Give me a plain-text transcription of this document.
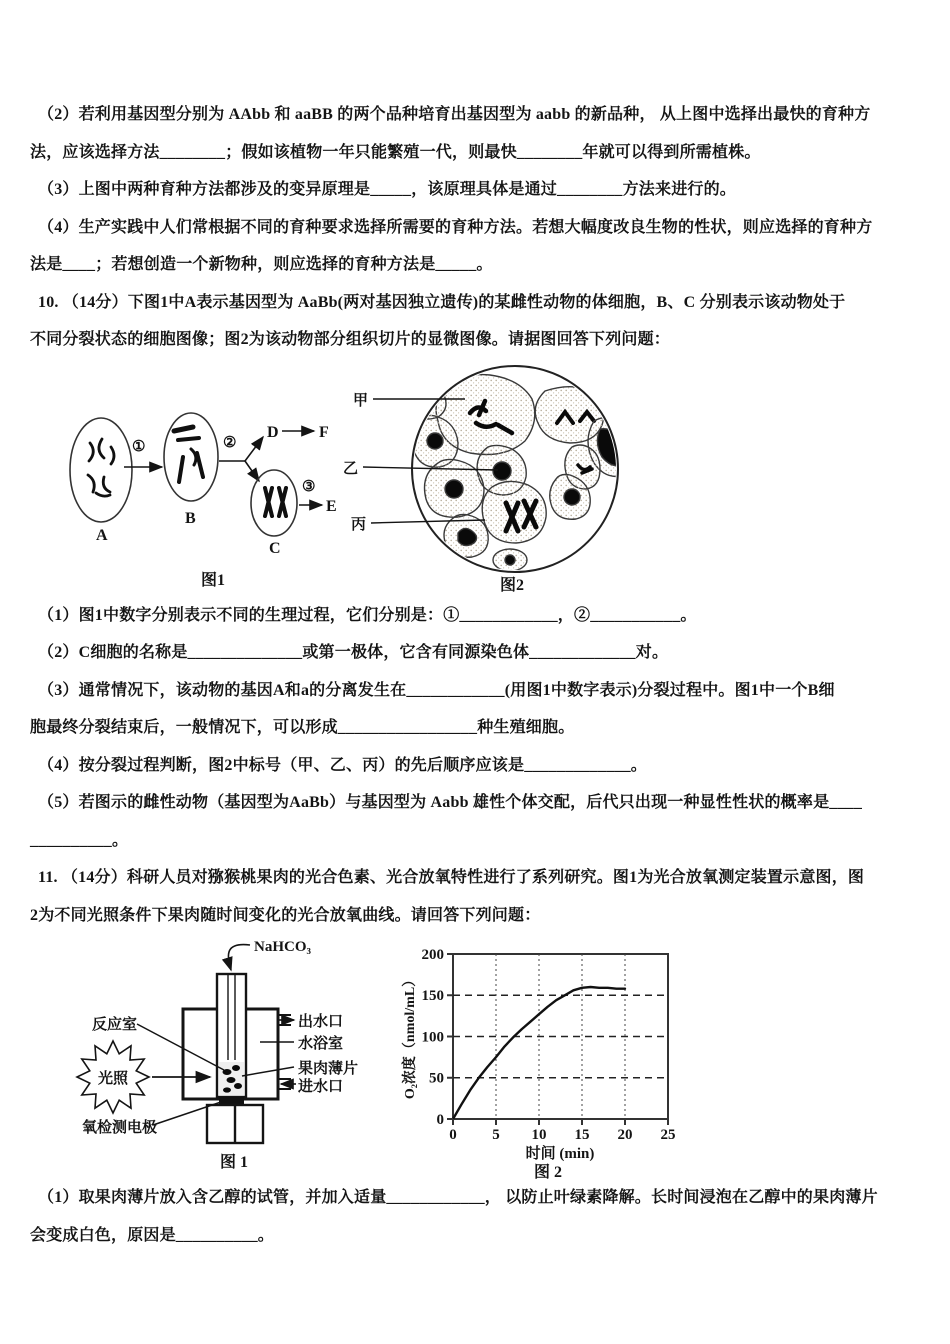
（2）若利用基因型分别为 AAbb 和 aaBB 的两个品种培育出基因型为 aabb 的新品种， 从上图中选择出最快的育种方
法，应该选择方法________；假如该植物一年只能繁殖一代，则最快________年就可以得到所需植株。
（3）上图中两种育种方法都涉及的变异原理是_____，该原理具体是通过________方法来进行的。
（4）生产实践中人们常根据不同的育种要求选择所需要的育种方法。若想大幅度改良生物的性状，则应选择的育种方
法是____；若想创造一个新物种，则应选择的育种方法是_____。
10. （14分）下图1中A表示基因型为 AaBb(两对基因独立遗传)的某雌性动物的体细胞，B、C 分别表示该动物处于
不同分裂状态的细胞图像；图2为该动物部分组织切片的显微图像。请据图回答下列问题：
A
①
B
②
D	F
C
③
E
图1
甲
乙
丙
图2
（1）图1中数字分别表示不同的生理过程，它们分别是：①____________，②___________。
（2）C细胞的名称是______________或第一极体，它含有同源染色体_____________对。
（3）通常情况下，该动物的基因A和a的分离发生在____________(用图1中数字表示)分裂过程中。图1中一个B细
胞最终分裂结束后，一般情况下，可以形成_________________种生殖细胞。
（4）按分裂过程判断，图2中标号（甲、乙、丙）的先后顺序应该是_____________。
（5）若图示的雌性动物（基因型为AaBb）与基因型为 Aabb 雄性个体交配，后代只出现一种显性性状的概率是____
__________。
11. （14分）科研人员对猕猴桃果肉的光合色素、光合放氧特性进行了系列研究。图1为光合放氧测定装置示意图，图
2为不同光照条件下果肉随时间变化的光合放氧曲线。请回答下列问题：
NaHCO₃
光照
反应室	出水口
水浴室
果肉薄片
进水口
氧检测电极
图 1
0 5 10 15 20 25
0
50
100
150
200
时间 (min)
O₂浓度（nmol/mL）
图 2
（1）取果肉薄片放入含乙醇的试管，并加入适量____________， 以防止叶绿素降解。长时间浸泡在乙醇中的果肉薄片
会变成白色，原因是__________。
